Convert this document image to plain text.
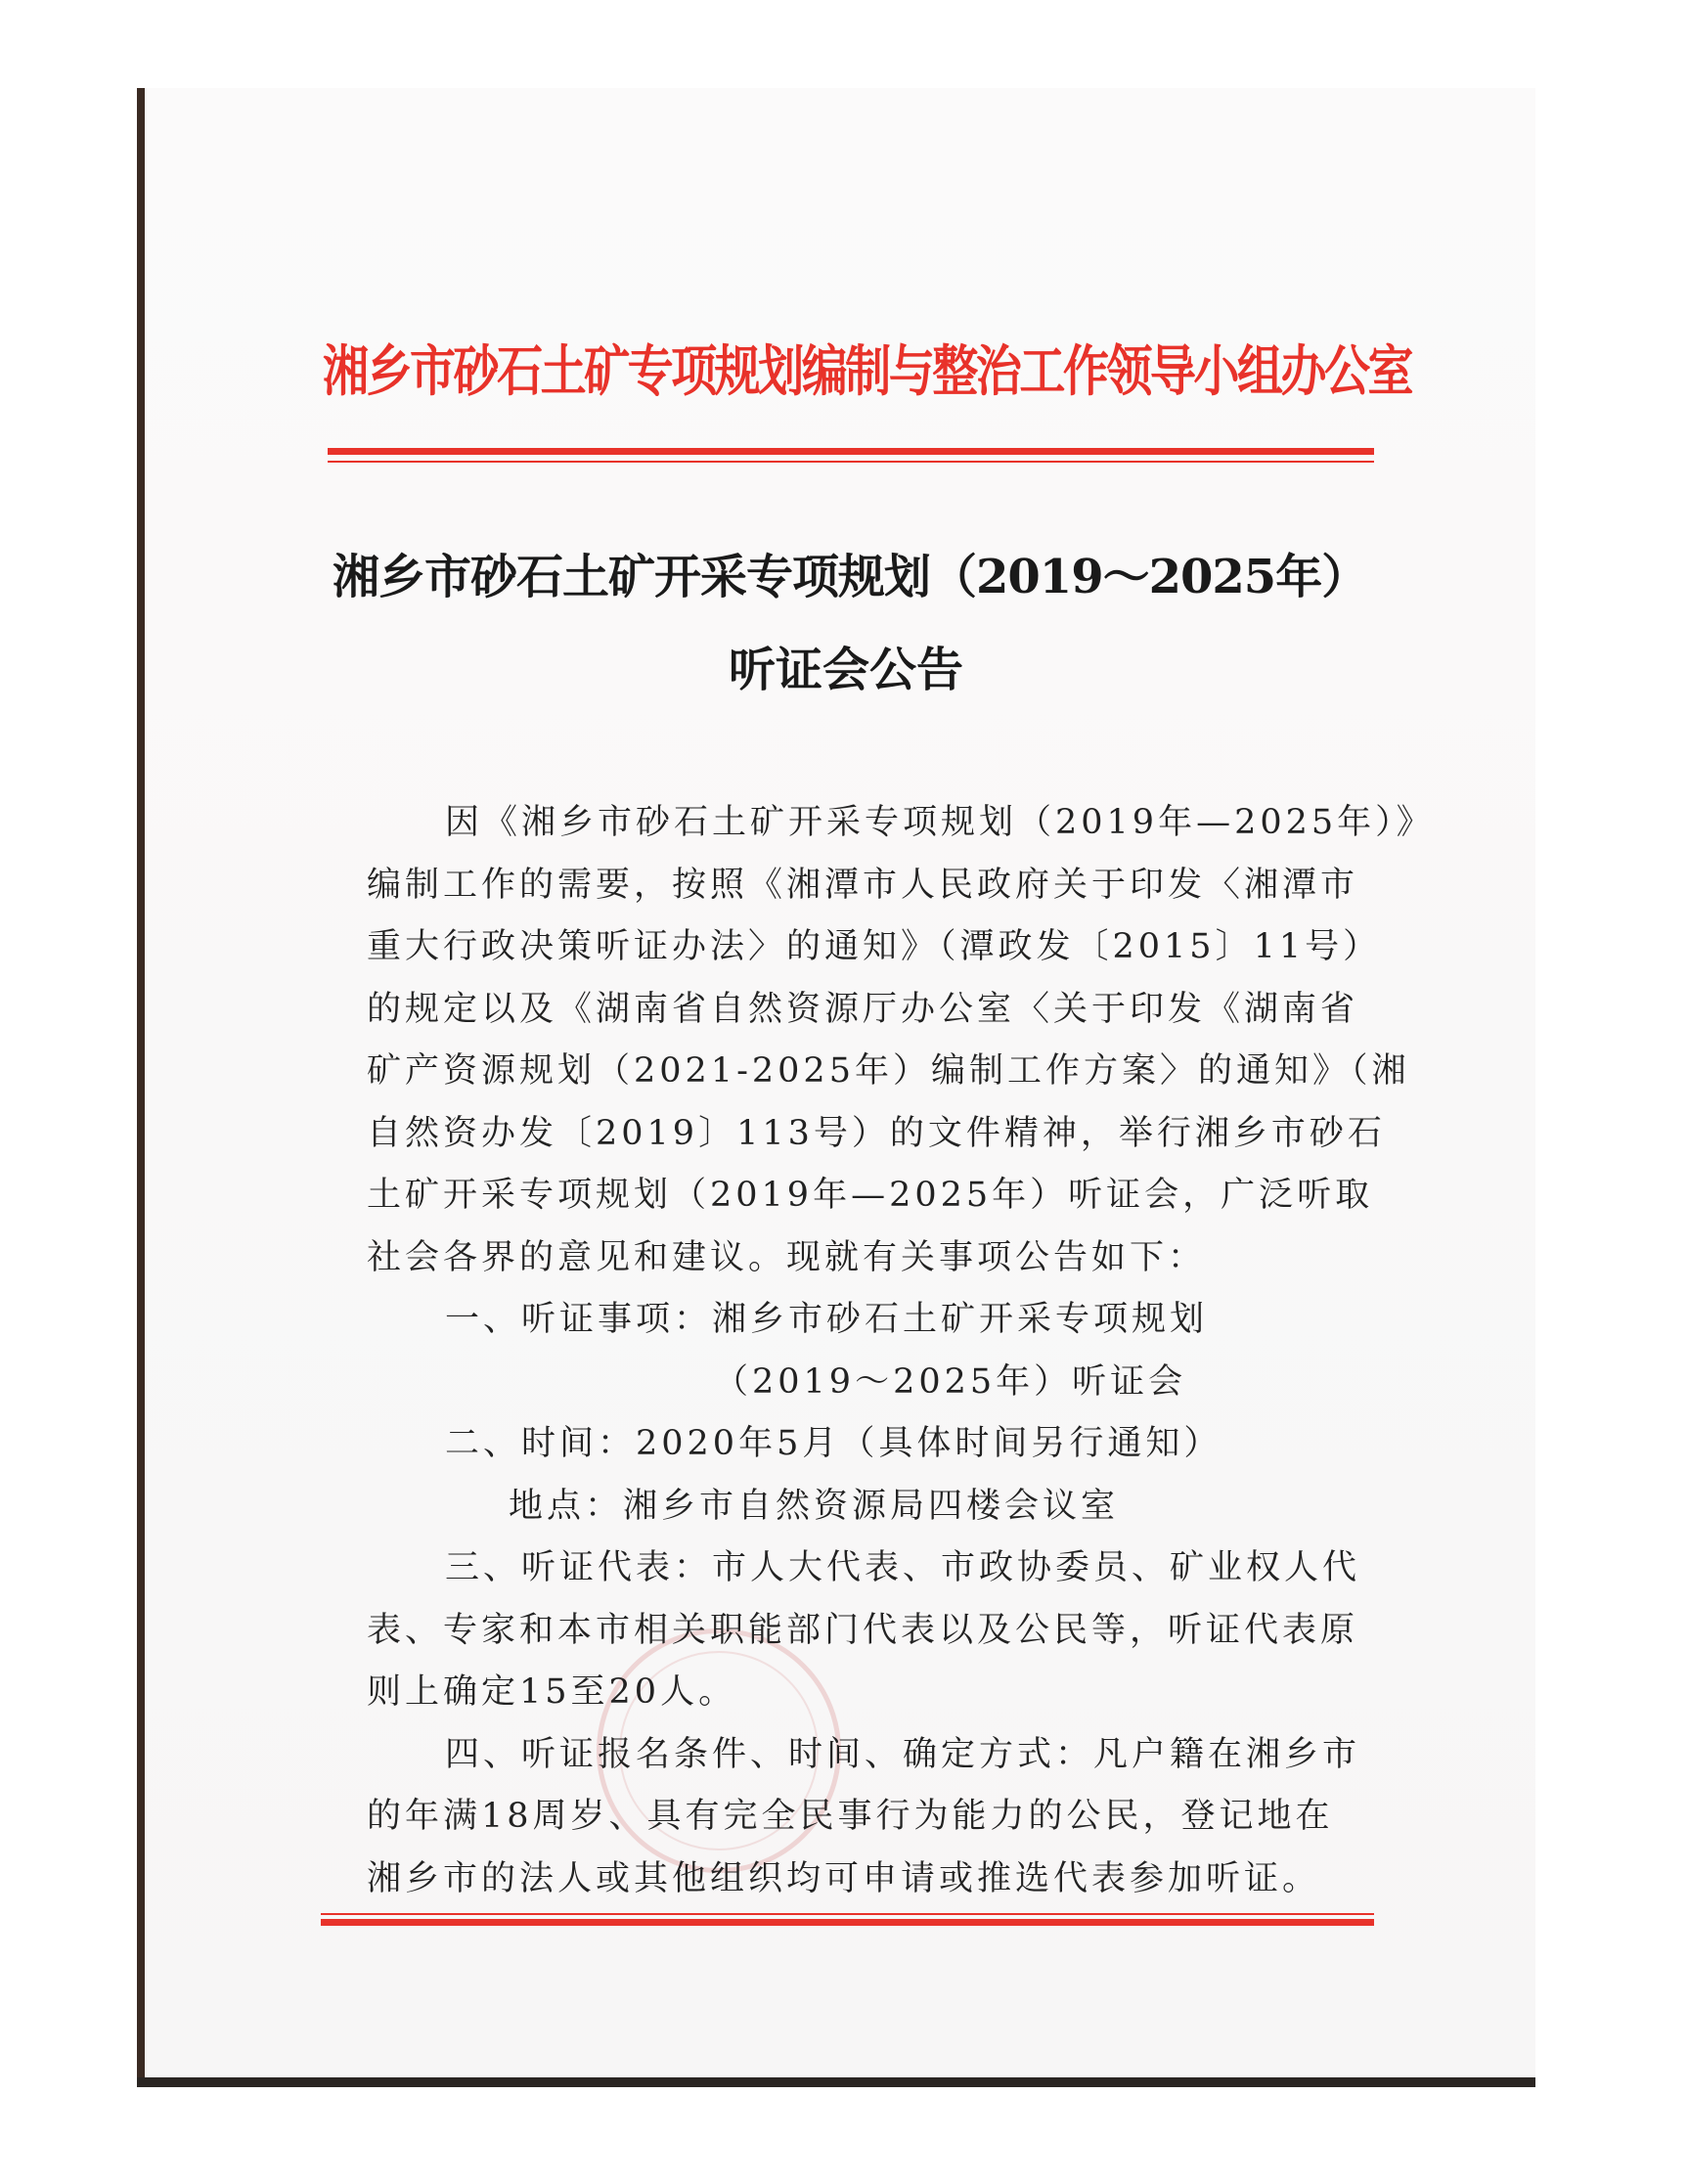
湘乡市砂石土矿专项规划编制与整治工作领导小组办公室
湘乡市砂石土矿开采专项规划（2019～2025年）
听证会公告
因《湘乡市砂石土矿开采专项规划（2019年—2025年）》
编制工作的需要，按照《湘潭市人民政府关于印发〈湘潭市
重大行政决策听证办法〉的通知》（潭政发〔2015〕11号）
的规定以及《湖南省自然资源厅办公室〈关于印发《湖南省
矿产资源规划（2021-2025年）编制工作方案〉的通知》（湘
自然资办发〔2019〕113号）的文件精神，举行湘乡市砂石
土矿开采专项规划（2019年—2025年）听证会，广泛听取
社会各界的意见和建议。现就有关事项公告如下：
一、听证事项：湘乡市砂石土矿开采专项规划
（2019～2025年）听证会
二、时间：2020年5月（具体时间另行通知）
地点：湘乡市自然资源局四楼会议室
三、听证代表：市人大代表、市政协委员、矿业权人代
表、专家和本市相关职能部门代表以及公民等，听证代表原
则上确定15至20人。
四、听证报名条件、时间、确定方式：凡户籍在湘乡市
的年满18周岁、具有完全民事行为能力的公民，登记地在
湘乡市的法人或其他组织均可申请或推选代表参加听证。
